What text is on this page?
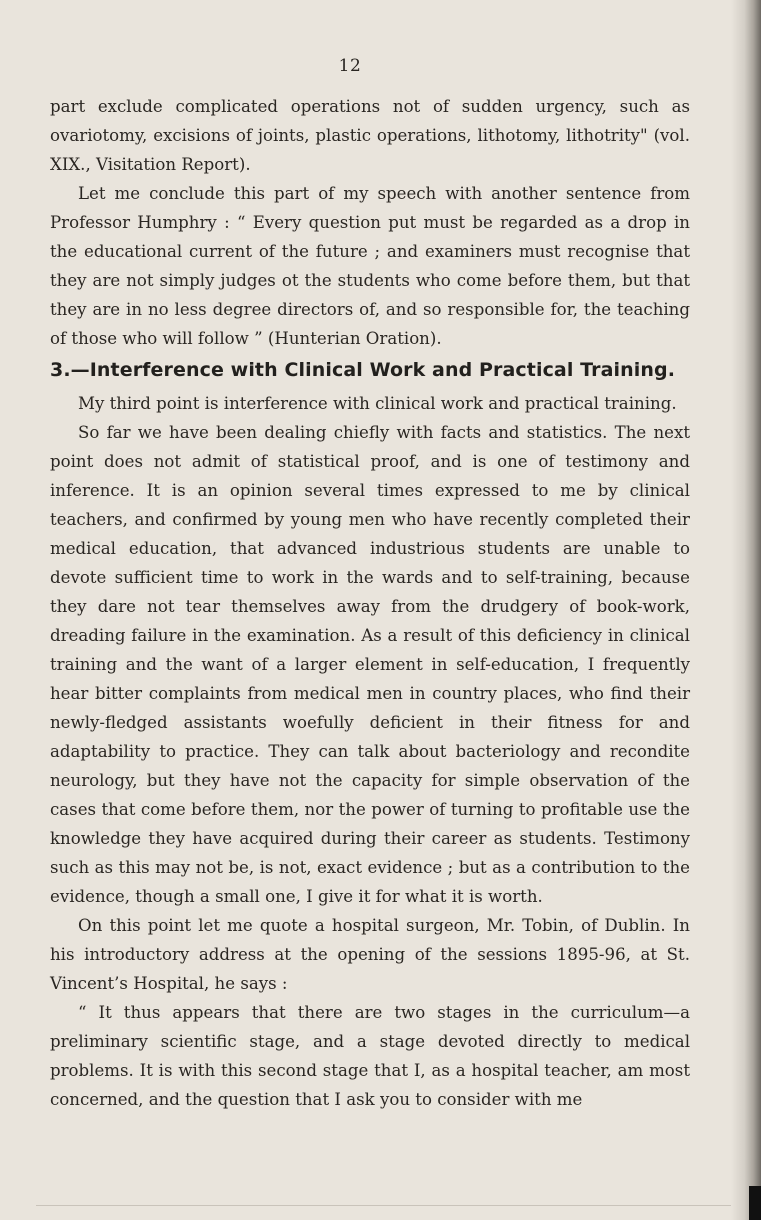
12

part exclude complicated operations not of sudden urgency, such as ovariotomy, excisions of joints, plastic operations, lithotomy, lithotrity" (vol. XIX., Visitation Report).

Let me conclude this part of my speech with another sentence from Professor Humphry : “ Every question put must be regarded as a drop in the educational current of the future ; and examiners must recognise that they are not simply judges ot the students who come before them, but that they are in no less degree directors of, and so responsible for, the teaching of those who will follow ” (Hunterian Oration).

3.—Interference with Clinical Work and Practical Training.

My third point is interference with clinical work and practical training.

So far we have been dealing chiefly with facts and statistics. The next point does not admit of statistical proof, and is one of testimony and inference. It is an opinion several times expressed to me by clinical teachers, and confirmed by young men who have recently completed their medical education, that advanced industrious students are unable to devote sufficient time to work in the wards and to self-training, because they dare not tear themselves away from the drudgery of book-work, dreading failure in the examination. As a result of this deficiency in clinical training and the want of a larger element in self-education, I frequently hear bitter complaints from medical men in country places, who find their newly-fledged assistants woefully deficient in their fitness for and adaptability to practice. They can talk about bacteriology and recondite neurology, but they have not the capacity for simple observation of the cases that come before them, nor the power of turning to profitable use the knowledge they have acquired during their career as students. Testimony such as this may not be, is not, exact evidence ; but as a contribution to the evidence, though a small one, I give it for what it is worth.

On this point let me quote a hospital surgeon, Mr. Tobin, of Dublin. In his introductory address at the opening of the sessions 1895-96, at St. Vincent’s Hospital, he says :

“ It thus appears that there are two stages in the curriculum—a preliminary scientific stage, and a stage devoted directly to medical problems. It is with this second stage that I, as a hospital teacher, am most concerned, and the question that I ask you to consider with me
